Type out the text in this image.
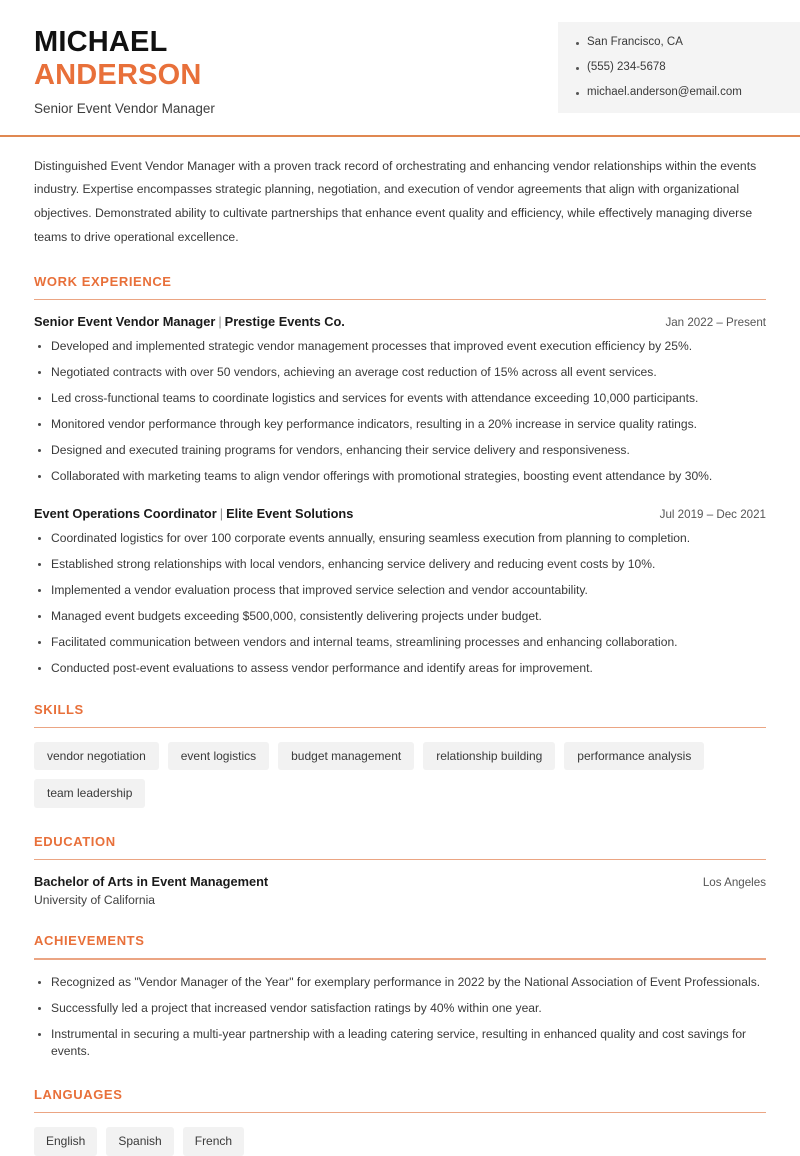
MICHAEL
ANDERSON
Senior Event Vendor Manager
San Francisco, CA
(555) 234-5678
michael.anderson@email.com
Distinguished Event Vendor Manager with a proven track record of orchestrating and enhancing vendor relationships within the events industry. Expertise encompasses strategic planning, negotiation, and execution of vendor agreements that align with organizational objectives. Demonstrated ability to cultivate partnerships that enhance event quality and efficiency, while effectively managing diverse teams to drive operational excellence.
WORK EXPERIENCE
Senior Event Vendor Manager | Prestige Events Co.	Jan 2022 – Present
Developed and implemented strategic vendor management processes that improved event execution efficiency by 25%.
Negotiated contracts with over 50 vendors, achieving an average cost reduction of 15% across all event services.
Led cross-functional teams to coordinate logistics and services for events with attendance exceeding 10,000 participants.
Monitored vendor performance through key performance indicators, resulting in a 20% increase in service quality ratings.
Designed and executed training programs for vendors, enhancing their service delivery and responsiveness.
Collaborated with marketing teams to align vendor offerings with promotional strategies, boosting event attendance by 30%.
Event Operations Coordinator | Elite Event Solutions	Jul 2019 – Dec 2021
Coordinated logistics for over 100 corporate events annually, ensuring seamless execution from planning to completion.
Established strong relationships with local vendors, enhancing service delivery and reducing event costs by 10%.
Implemented a vendor evaluation process that improved service selection and vendor accountability.
Managed event budgets exceeding $500,000, consistently delivering projects under budget.
Facilitated communication between vendors and internal teams, streamlining processes and enhancing collaboration.
Conducted post-event evaluations to assess vendor performance and identify areas for improvement.
SKILLS
vendor negotiation	event logistics	budget management	relationship building	performance analysis
team leadership
EDUCATION
Bachelor of Arts in Event Management	Los Angeles
University of California
ACHIEVEMENTS
Recognized as "Vendor Manager of the Year" for exemplary performance in 2022 by the National Association of Event Professionals.
Successfully led a project that increased vendor satisfaction ratings by 40% within one year.
Instrumental in securing a multi-year partnership with a leading catering service, resulting in enhanced quality and cost savings for events.
LANGUAGES
English	Spanish	French
